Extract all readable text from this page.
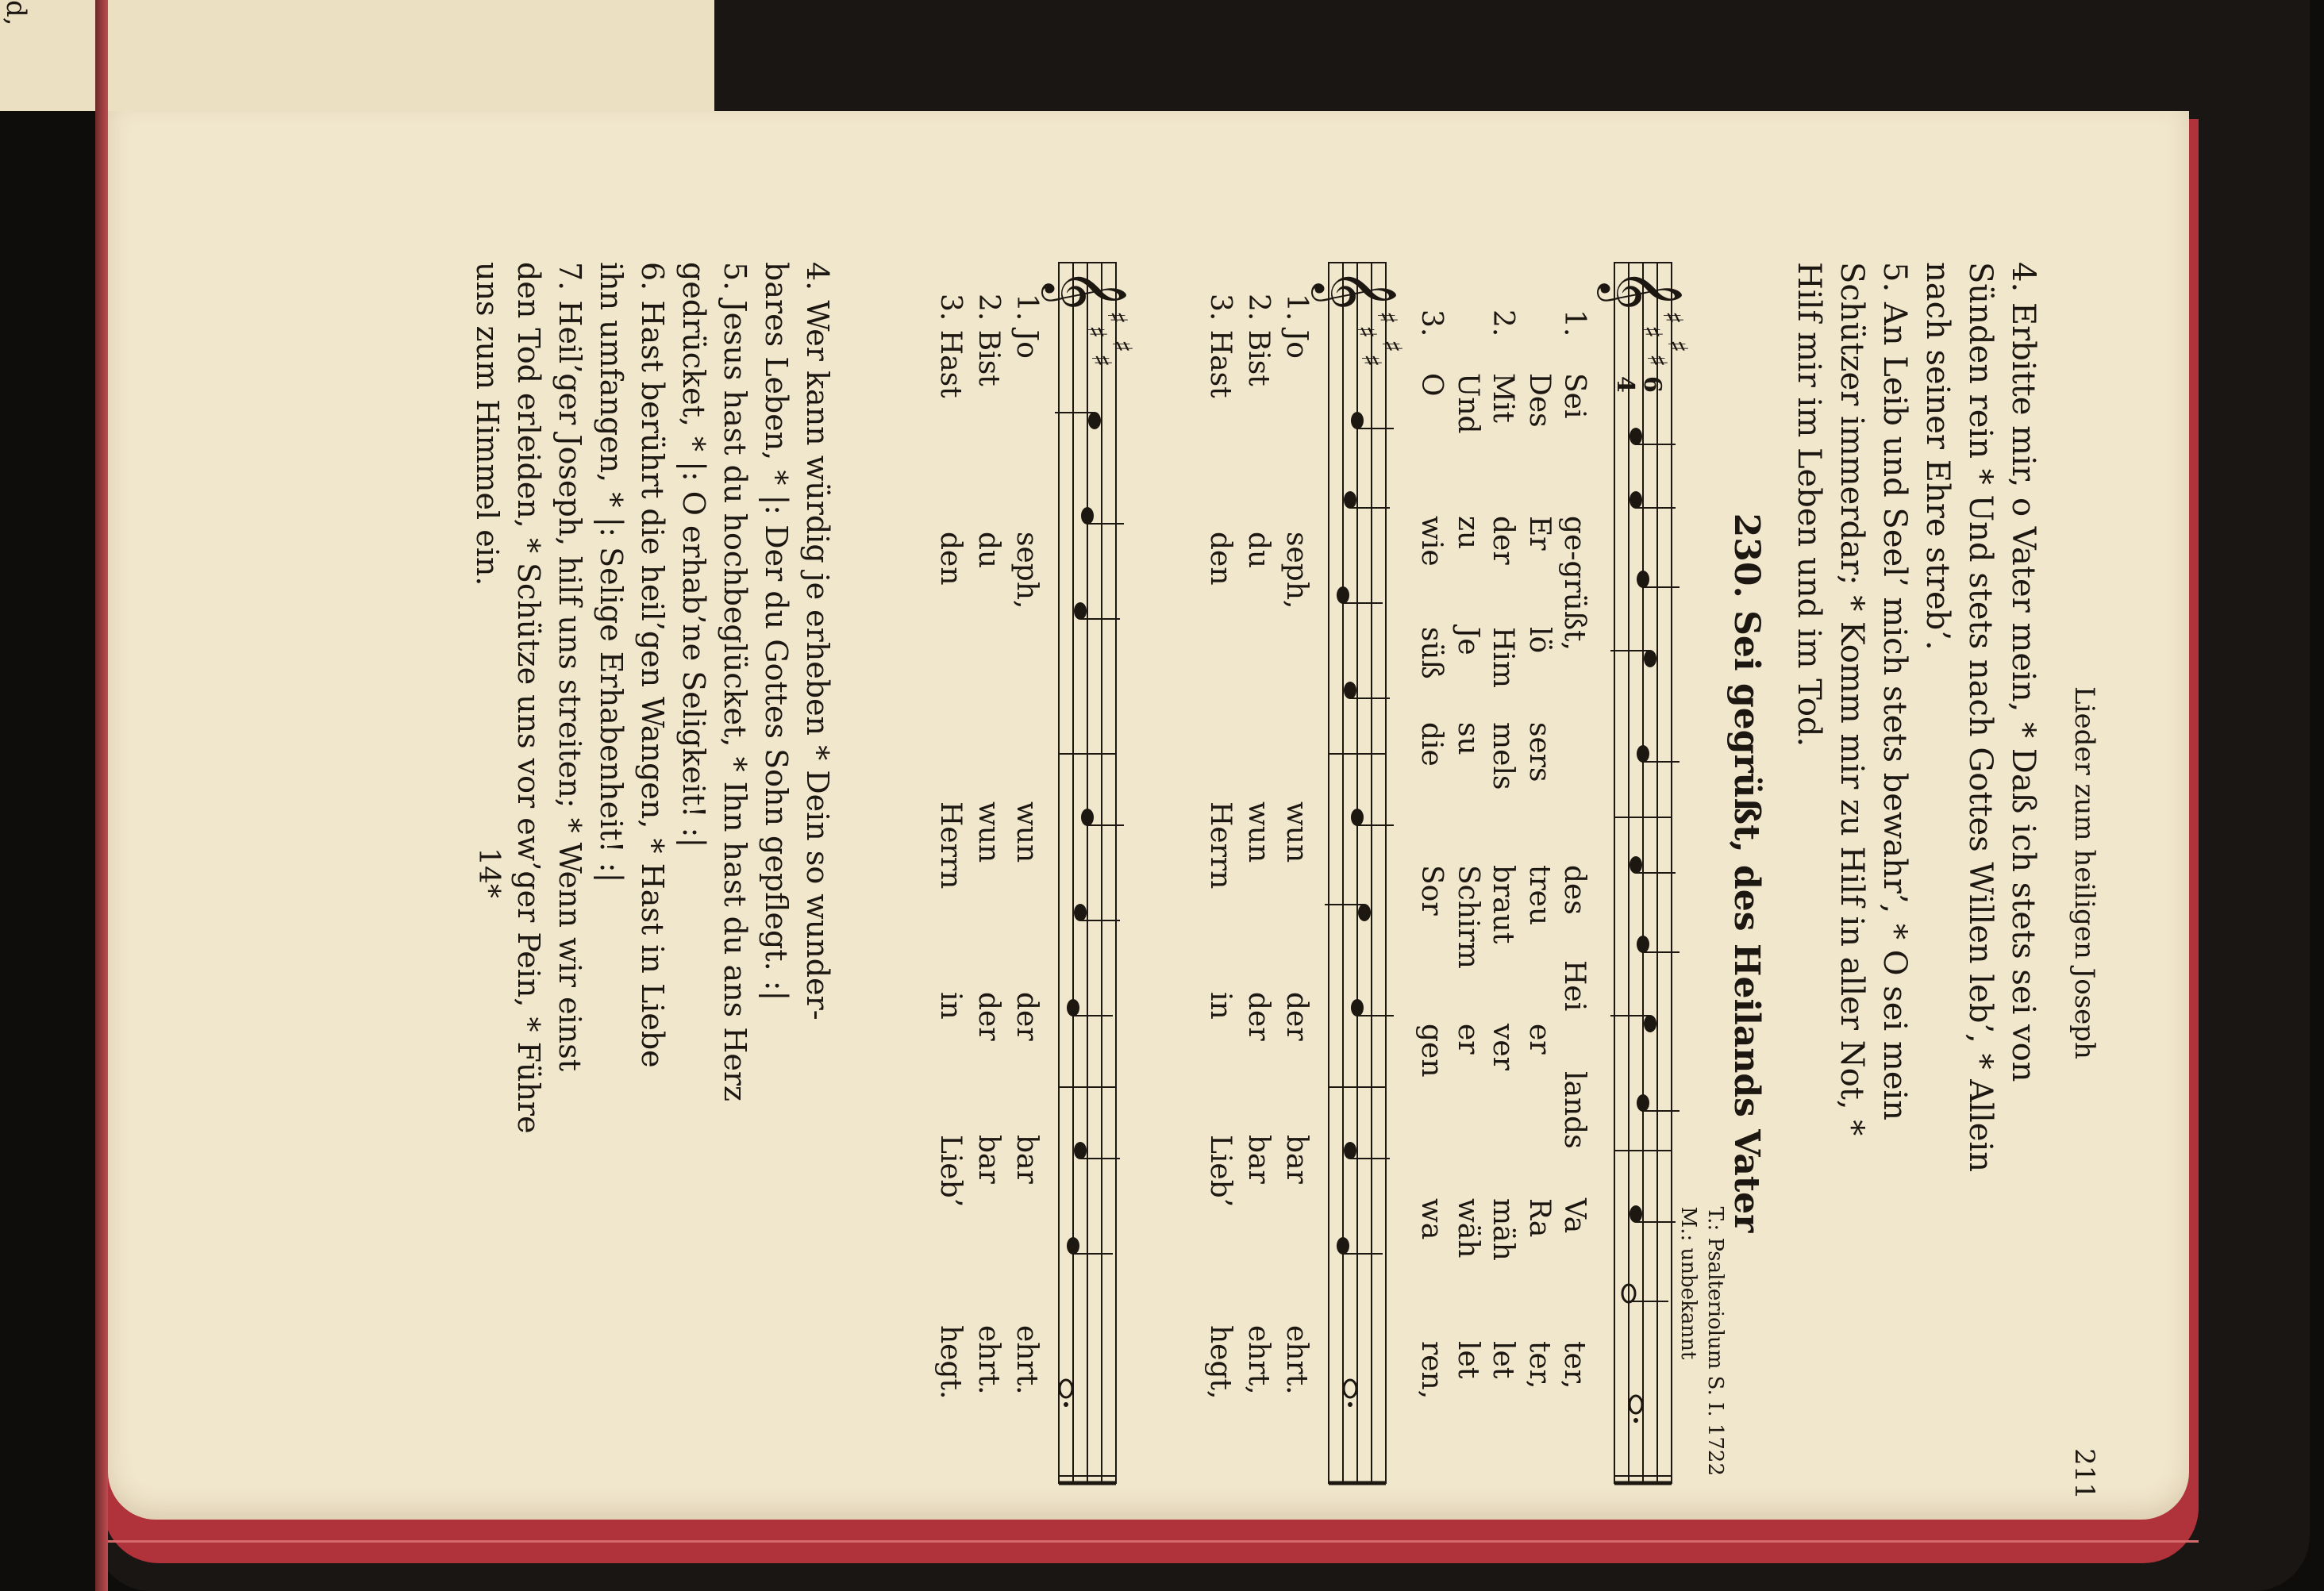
d,
Lieder zum heiligen Joseph
211

4. Erbitte mir, o Vater mein, * Daß ich stets sei von

Sünden rein * Und stets nach Gottes Willen leb’, * Allein

nach seiner Ehre streb’.

5. An Leib und Seel’ mich stets bewahr’, * O sei mein

Schützer immerdar; * Komm mir zu Hilf in aller Not, *

Hilf mir im Leben und im Tod.

230. Sei gegrüßt, des Heilands Vater
T.: Psalteriolum S. I. 1722
M.: unbekannt
𝄞
♯
♯
♯
♯
6
4
1.
2.
3.
Sei
ge-grüßt,
des
Hei
lands
Va
ter,
Des
Er
lö
sers
treu
er
Ra
ter,
Mit
der
Him
mels
braut
ver
mäh
let
Und
zu
Je
su
Schirm
er
wäh
let
O
wie
süß
die
Sor
gen
wa
ren,
𝄞
♯
♯
♯
♯
1. Jo
seph,
wun
der
bar
ehrt.
2. Bist
du
wun
der
bar
ehrt,
3. Hast
den
Herrn
in
Lieb’
hegt,
𝄞
♯
♯
♯
♯
1. Jo
seph,
wun
der
bar
ehrt.
2. Bist
du
wun
der
bar
ehrt.
3. Hast
den
Herrn
in
Lieb’
hegt.

4. Wer kann würdig je erheben * Dein so wunder-

bares Leben, * |: Der du Gottes Sohn gepflegt. :|

5. Jesus hast du hochbeglücket, * Ihn hast du ans Herz

gedrücket, * |: O erhab’ne Seligkeit! :|

6. Hast berührt die heil’gen Wangen, * Hast in Liebe

ihn umfangen, * |: Selige Erhabenheit! :|

7. Heil’ger Joseph, hilf uns streiten; * Wenn wir einst

den Tod erleiden, * Schütze uns vor ew’ger Pein, * Führe

uns zum Himmel ein.

14*
